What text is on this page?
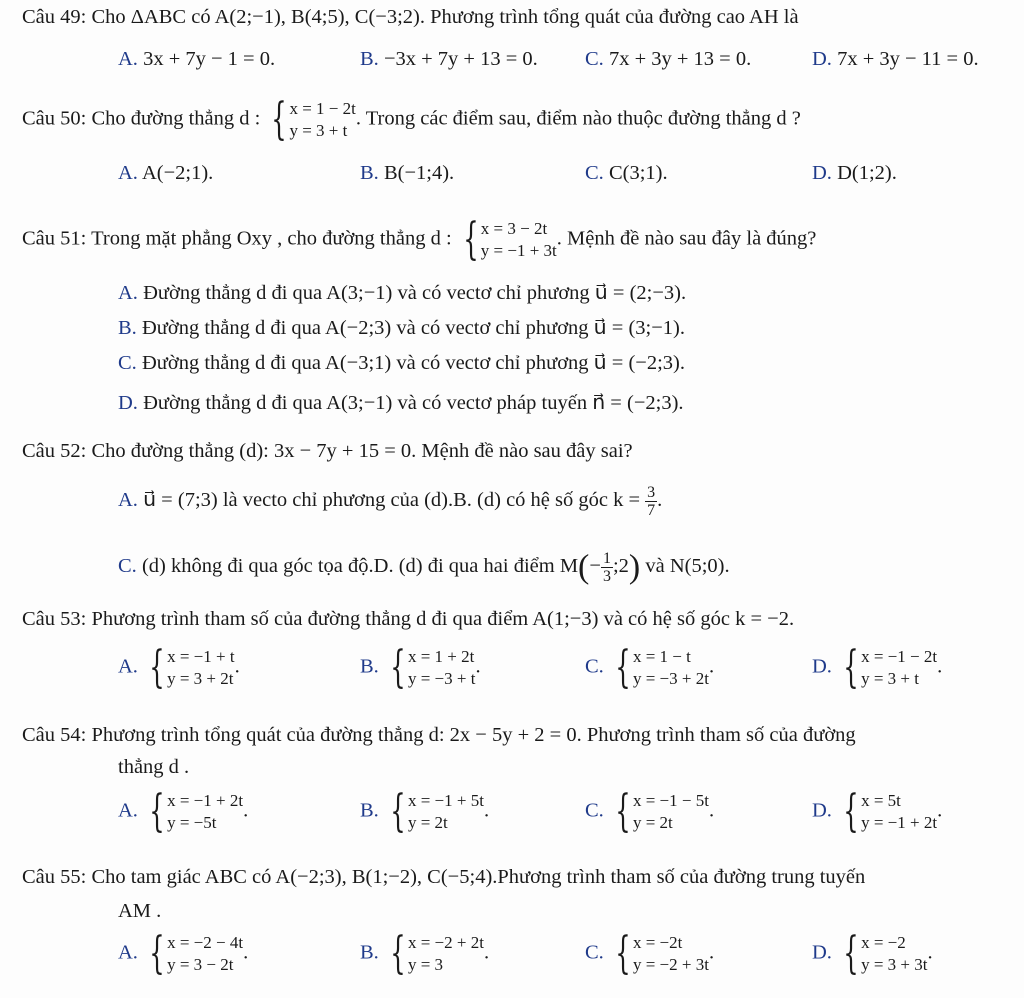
Câu 49: Cho ΔABC có A(2;−1), B(4;5), C(−3;2). Phương trình tổng quát của đường cao AH là
A. 3x + 7y − 1 = 0.	B. −3x + 7y + 13 = 0. C. 7x + 3y + 13 = 0.	D. 7x + 3y − 11 = 0.
Câu 50: Cho đường thẳng d : { x = 1 − 2t
y = 3 + t
. Trong các điểm sau, điểm nào thuộc đường thẳng d ?
A. A(−2;1).	B. B(−1;4).	C. C(3;1).	D. D(1;2).
Câu 51: Trong mặt phẳng Oxy , cho đường thẳng d : { x = 3 − 2t
y = −1 + 3t
. Mệnh đề nào sau đây là đúng?
A. Đường thẳng d đi qua A(3;−1) và có vectơ chỉ phương u⃗ = (2;−3).
B. Đường thẳng d đi qua A(−2;3) và có vectơ chỉ phương u⃗ = (3;−1).
C. Đường thẳng d đi qua A(−3;1) và có vectơ chỉ phương u⃗ = (−2;3).
D. Đường thẳng d đi qua A(3;−1) và có vectơ pháp tuyến n⃗ = (−2;3).
Câu 52: Cho đường thẳng (d): 3x − 7y + 15 = 0. Mệnh đề nào sau đây sai?
A. u⃗ = (7;3) là vecto chỉ phương của (d).B. (d) có hệ số góc $k = \frac{3}{7}$ .
C. (d) không đi qua góc tọa độ.D. (d) đi qua hai điểm $M(- \frac{1}{3}$ ;2) và N(5;0).
Câu 53: Phương trình tham số của đường thẳng d đi qua điểm A(1;−3) và có hệ số góc k = −2.
A. { x = −1 + t
y = 3 + 2t
.	B. { x = 1 + 2t
y = −3 + t
.	C. { x = 1 − t
y = −3 + 2t
.	D. { x = −1 − 2t
y = 3 + t
.
Câu 54: Phương trình tổng quát của đường thẳng d: 2x − 5y + 2 = 0. Phương trình tham số của đường
thẳng d .
A. { x = −1 + 2t
y = −5t
.	B. { x = −1 + 5t
y = 2t
.	C. { x = −1 − 5t
y = 2t
.	D. { x = 5t
y = −1 + 2t
.
Câu 55: Cho tam giác ABC có A(−2;3), B(1;−2), C(−5;4).Phương trình tham số của đường trung tuyến
AM .
A. { x = −2 − 4t
y = 3 − 2t
.	B. { x = −2 + 2t
y = 3
.	C. { x = −2t
y = −2 + 3t
.	D. { x = −2
y = 3 + 3t
.
